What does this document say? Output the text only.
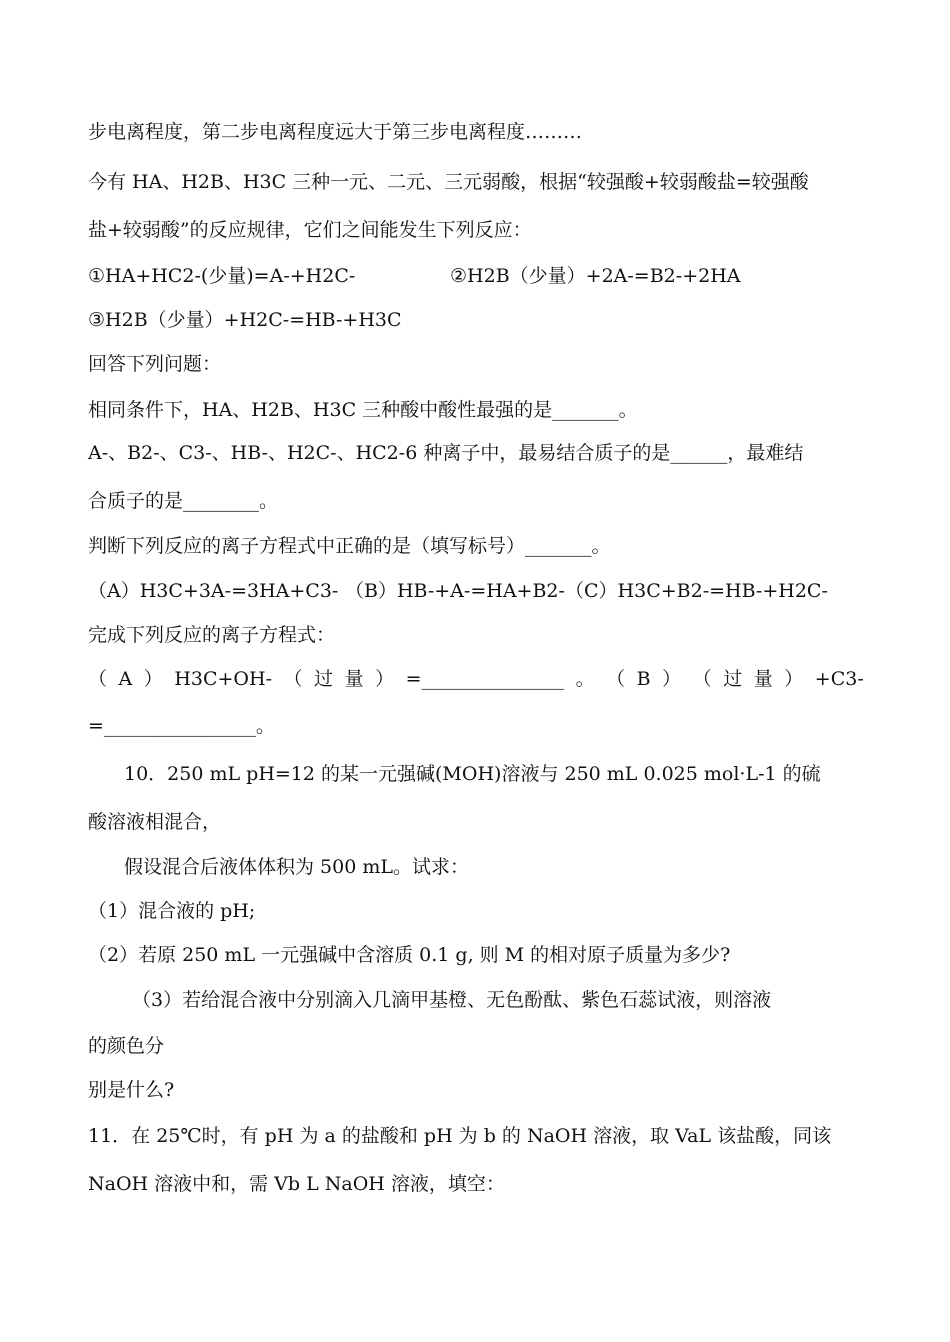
步电离程度，第二步电离程度远大于第三步电离程度………
今有 HA、H2B、H3C 三种一元、二元、三元弱酸，根据“较强酸+较弱酸盐=较强酸
盐+较弱酸”的反应规律，它们之间能发生下列反应：
①HA+HC2-(少量)=A-+H2C-	②H2B（少量）+2A-=B2-+2HA
③H2B（少量）+H2C-=HB-+H3C
回答下列问题：
相同条件下，HA、H2B、H3C 三种酸中酸性最强的是_______。
A-、B2-、C3-、HB-、H2C-、HC2-6 种离子中，最易结合质子的是______，最难结
合质子的是________。
判断下列反应的离子方程式中正确的是（填写标号）_______。
（A）H3C+3A-=3HA+C3- （B）HB-+A-=HA+B2- （C）H3C+B2-=HB-+H2C-
完成下列反应的离子方程式：
（ A ） H3C+OH- （ 过 量 ） =_______________ 。 （ B ） （ 过 量 ） +C3-
=________________。
10．250 mL pH=12 的某一元强碱(MOH)溶液与 250 mL 0.025 mol·L-1 的硫
酸溶液相混合，
假设混合后液体体积为 500 mL。试求：
（1）混合液的 pH;
（2）若原 250 mL 一元强碱中含溶质 0.1 g, 则 M 的相对原子质量为多少?
（3）若给混合液中分别滴入几滴甲基橙、无色酚酞、紫色石蕊试液，则溶液
的颜色分
别是什么?
11．在 25℃时，有 pH 为 a 的盐酸和 pH 为 b 的 NaOH 溶液，取 VaL 该盐酸，同该
NaOH 溶液中和，需 Vb L NaOH 溶液，填空：
